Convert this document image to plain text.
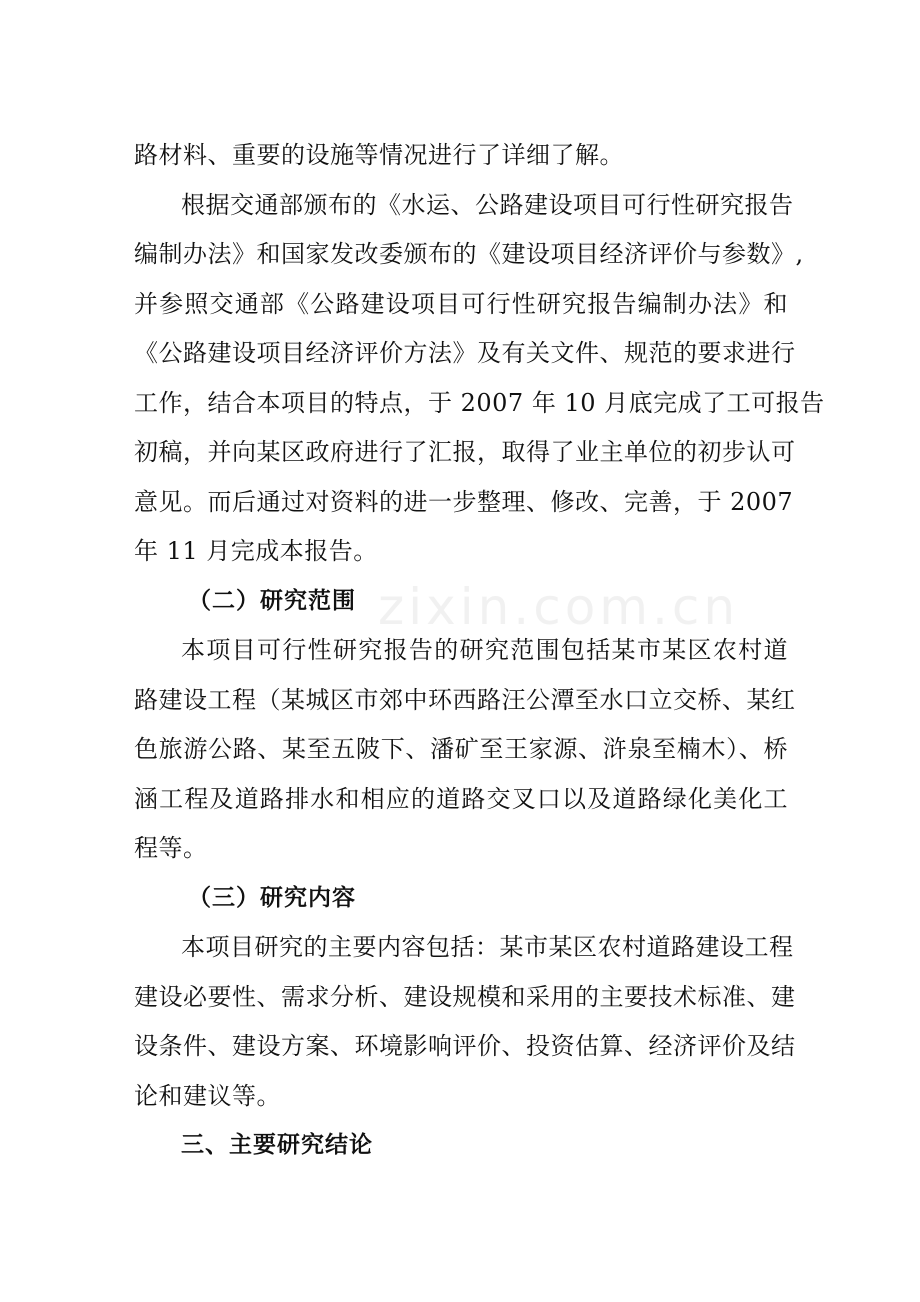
zixin.com.cn
路材料、重要的设施等情况进行了详细了解。
根据交通部颁布的《水运、公路建设项目可行性研究报告
编制办法》和国家发改委颁布的《建设项目经济评价与参数》,
并参照交通部《公路建设项目可行性研究报告编制办法》和
《公路建设项目经济评价方法》及有关文件、规范的要求进行
工作，结合本项目的特点，于 2007 年 10 月底完成了工可报告
初稿，并向某区政府进行了汇报，取得了业主单位的初步认可
意见。而后通过对资料的进一步整理、修改、完善，于 2007
年 11 月完成本报告。
（二）研究范围
本项目可行性研究报告的研究范围包括某市某区农村道
路建设工程（某城区市郊中环西路汪公潭至水口立交桥、某红
色旅游公路、某至五陂下、潘矿至王家源、浒泉至楠木）、桥
涵工程及道路排水和相应的道路交叉口以及道路绿化美化工
程等。
（三）研究内容
本项目研究的主要内容包括：某市某区农村道路建设工程
建设必要性、需求分析、建设规模和采用的主要技术标准、建
设条件、建设方案、环境影响评价、投资估算、经济评价及结
论和建议等。
三、主要研究结论
